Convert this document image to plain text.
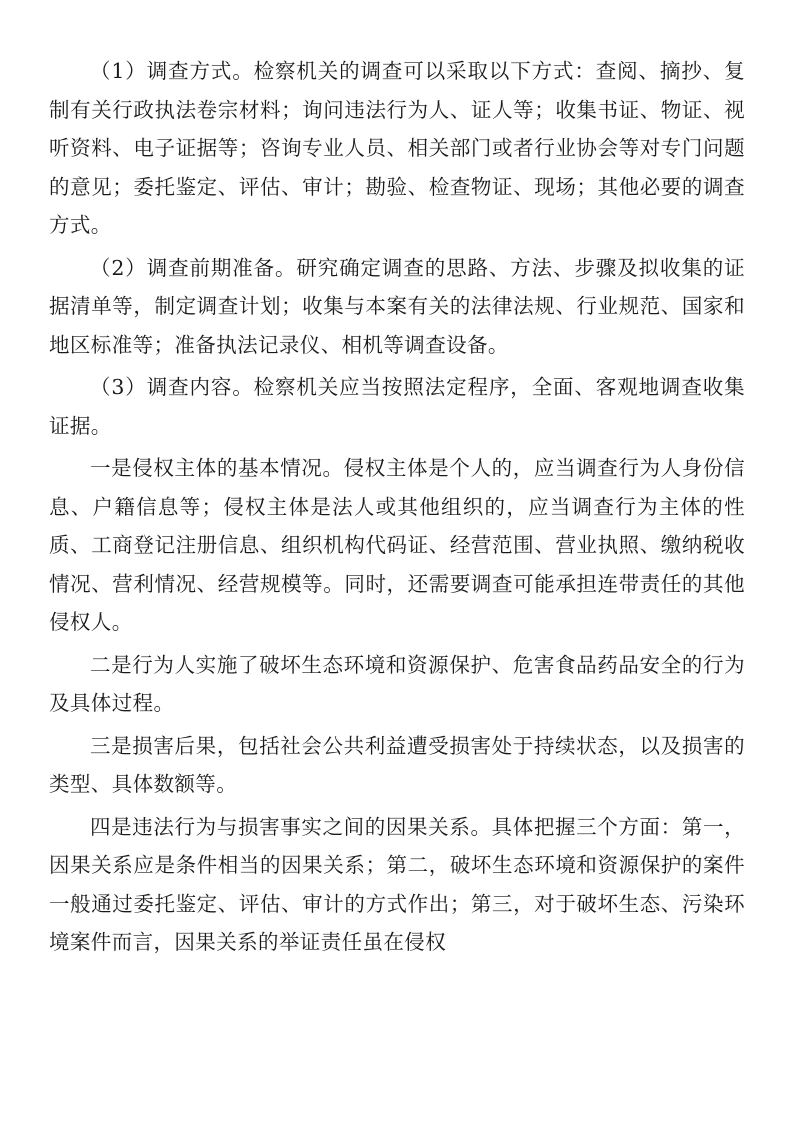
（1）调查方式。检察机关的调查可以采取以下方式：查阅、摘抄、复制有关行政执法卷宗材料；询问违法行为人、证人等；收集书证、物证、视听资料、电子证据等；咨询专业人员、相关部门或者行业协会等对专门问题的意见；委托鉴定、评估、审计；勘验、检查物证、现场；其他必要的调查方式。

（2）调查前期准备。研究确定调查的思路、方法、步骤及拟收集的证据清单等，制定调查计划；收集与本案有关的法律法规、行业规范、国家和地区标准等；准备执法记录仪、相机等调查设备。

（3）调查内容。检察机关应当按照法定程序，全面、客观地调查收集证据。

一是侵权主体的基本情况。侵权主体是个人的，应当调查行为人身份信息、户籍信息等；侵权主体是法人或其他组织的，应当调查行为主体的性质、工商登记注册信息、组织机构代码证、经营范围、营业执照、缴纳税收情况、营利情况、经营规模等。同时，还需要调查可能承担连带责任的其他侵权人。

二是行为人实施了破坏生态环境和资源保护、危害食品药品安全的行为及具体过程。

三是损害后果，包括社会公共利益遭受损害处于持续状态，以及损害的类型、具体数额等。

四是违法行为与损害事实之间的因果关系。具体把握三个方面：第一，因果关系应是条件相当的因果关系；第二，破坏生态环境和资源保护的案件一般通过委托鉴定、评估、审计的方式作出；第三，对于破坏生态、污染环境案件而言，因果关系的举证责任虽在侵权
